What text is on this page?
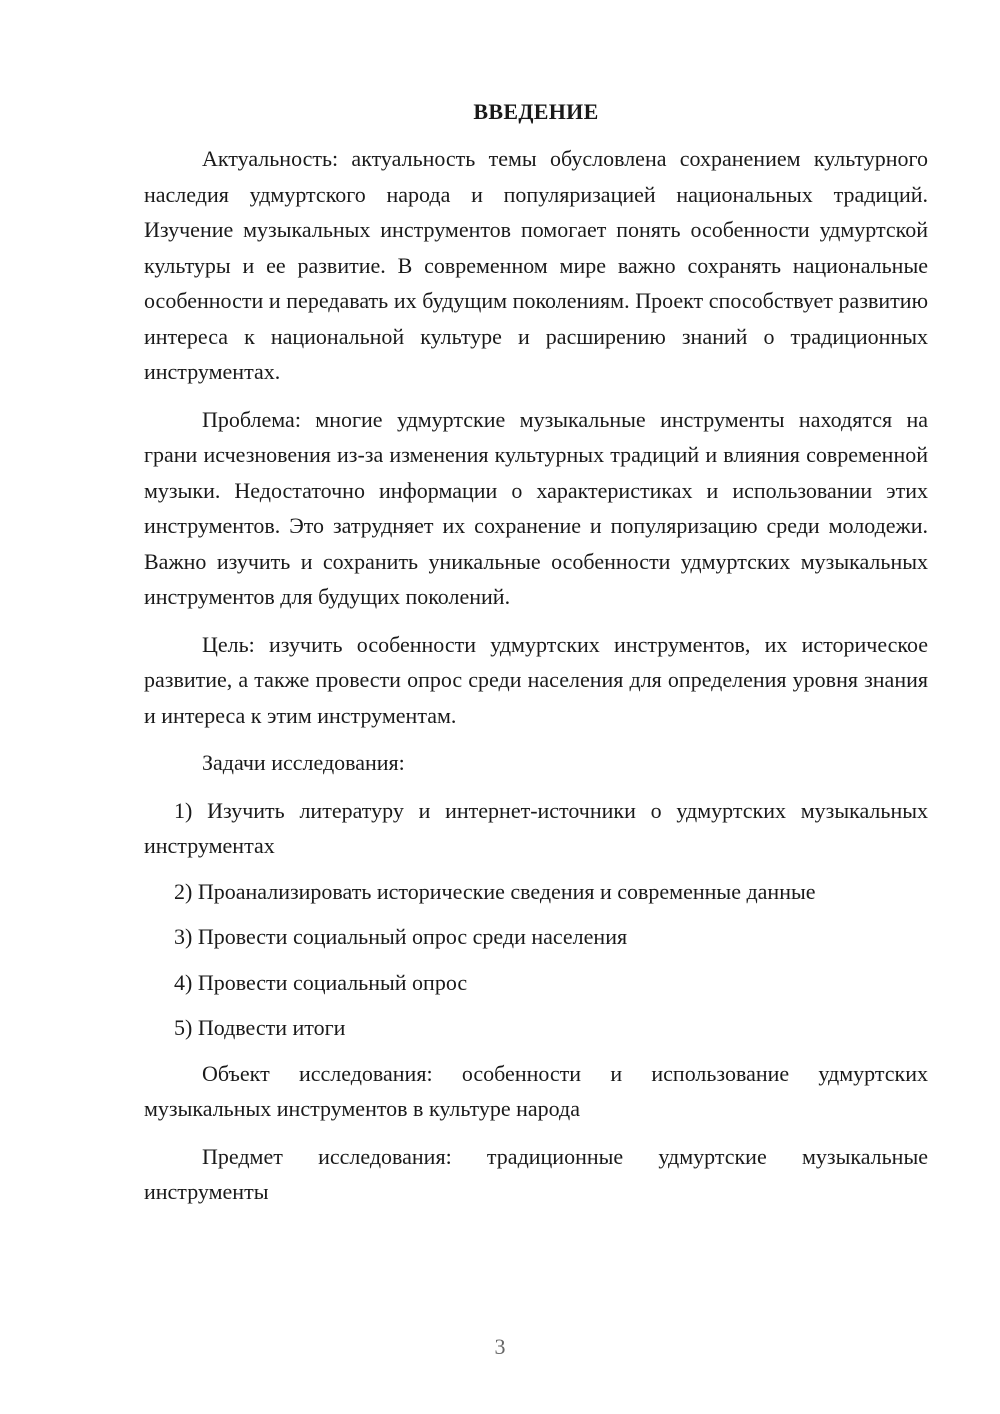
ВВЕДЕНИЕ

Актуальность: актуальность темы обусловлена сохранением культурного наследия удмуртского народа и популяризацией национальных традиций. Изучение музыкальных инструментов помогает понять особенности удмуртской культуры и ее развитие. В современном мире важно сохранять национальные особенности и передавать их будущим поколениям. Проект способствует развитию интереса к национальной культуре и расширению знаний о традиционных инструментах.

Проблема: многие удмуртские музыкальные инструменты находятся на грани исчезновения из-за изменения культурных традиций и влияния современной музыки. Недостаточно информации о характеристиках и использовании этих инструментов. Это затрудняет их сохранение и популяризацию среди молодежи. Важно изучить и сохранить уникальные особенности удмуртских музыкальных инструментов для будущих поколений.

Цель: изучить особенности удмуртских инструментов, их историческое развитие, а также провести опрос среди населения для определения уровня знания и интереса к этим инструментам.

Задачи исследования:

1) Изучить литературу и интернет-источники о удмуртских музыкальных инструментах

2) Проанализировать исторические сведения и современные данные

3) Провести социальный опрос среди населения

4) Провести социальный опрос

5) Подвести итоги

Объект исследования: особенности и использование удмуртских музыкальных инструментов в культуре народа

Предмет исследования: традиционные удмуртские музыкальные инструменты

3
